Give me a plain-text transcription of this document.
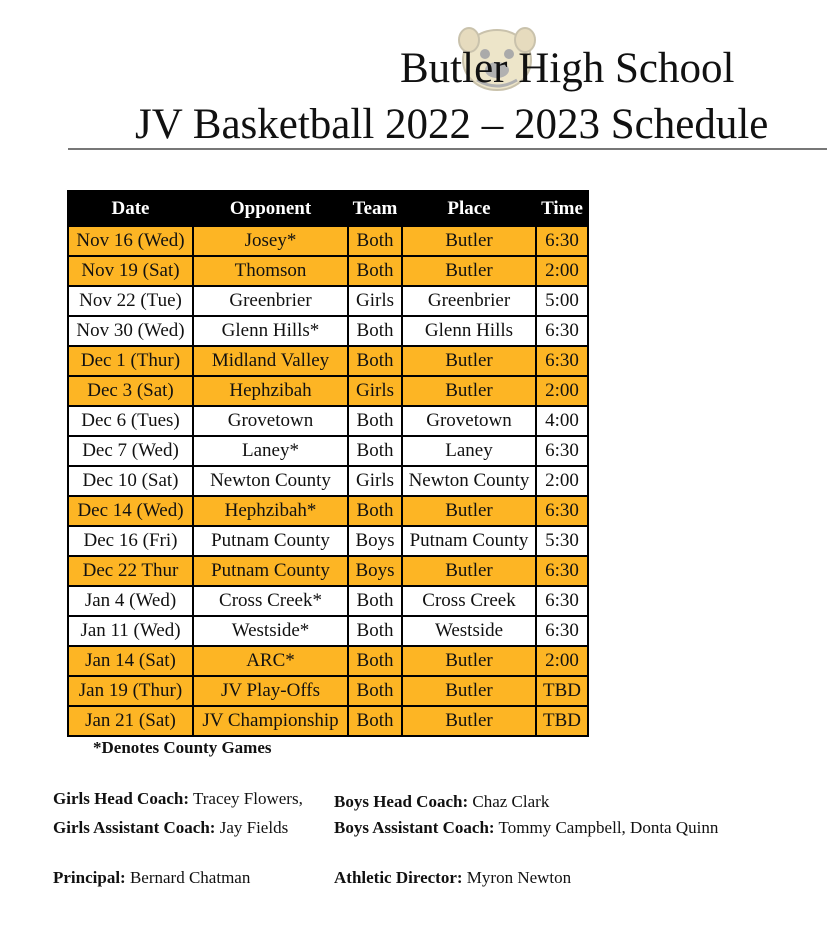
Butler High School
JV Basketball 2022 – 2023 Schedule
Date	Opponent	Team	Place	Time
Nov 16 (Wed)	Josey*	Both	Butler	6:30
Nov 19 (Sat)	Thomson	Both	Butler	2:00
Nov 22 (Tue)	Greenbrier	Girls	Greenbrier	5:00
Nov 30 (Wed)	Glenn Hills*	Both	Glenn Hills	6:30
Dec 1 (Thur)	Midland Valley	Both	Butler	6:30
Dec 3 (Sat)	Hephzibah	Girls	Butler	2:00
Dec 6 (Tues)	Grovetown	Both	Grovetown	4:00
Dec 7 (Wed)	Laney*	Both	Laney	6:30
Dec 10 (Sat)	Newton County	Girls	Newton County	2:00
Dec 14 (Wed)	Hephzibah*	Both	Butler	6:30
Dec 16 (Fri)	Putnam County	Boys	Putnam County	5:30
Dec 22 Thur	Putnam County	Boys	Butler	6:30
Jan 4 (Wed)	Cross Creek*	Both	Cross Creek	6:30
Jan 11 (Wed)	Westside*	Both	Westside	6:30
Jan 14 (Sat)	ARC*	Both	Butler	2:00
Jan 19 (Thur)	JV Play-Offs	Both	Butler	TBD
Jan 21 (Sat)	JV Championship	Both	Butler	TBD
*Denotes County Games
Girls Head Coach: Tracey Flowers, Boys Head Coach: Chaz Clark
Girls Assistant Coach: Jay Fields	Boys Assistant Coach: Tommy Campbell, Donta Quinn
Principal: Bernard Chatman	Athletic Director: Myron Newton
